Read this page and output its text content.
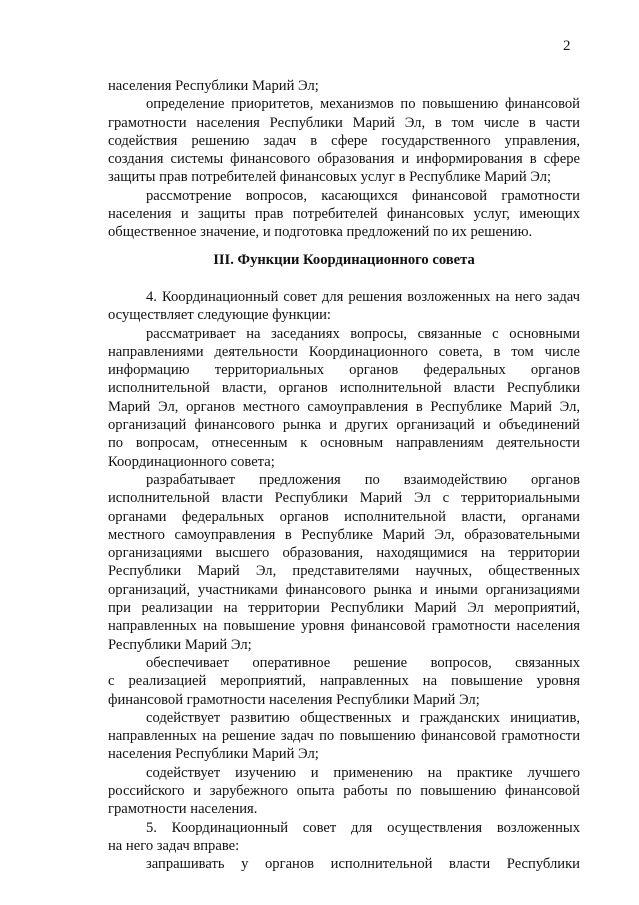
2
населения Республики Марий Эл;
определение приоритетов, механизмов по повышению финансовой
грамотности населения Республики Марий Эл, в том числе в части
содействия решению задач в сфере государственного управления,
создания системы финансового образования и информирования в сфере
защиты прав потребителей финансовых услуг в Республике Марий Эл;
рассмотрение вопросов, касающихся финансовой грамотности
населения и защиты прав потребителей финансовых услуг, имеющих
общественное значение, и подготовка предложений по их решению.
III. Функции Координационного совета
4. Координационный совет для решения возложенных на него задач
осуществляет следующие функции:
рассматривает на заседаниях вопросы, связанные с основными
направлениями деятельности Координационного совета, в том числе
информацию территориальных органов федеральных органов
исполнительной власти, органов исполнительной власти Республики
Марий Эл, органов местного самоуправления в Республике Марий Эл,
организаций финансового рынка и других организаций и объединений
по вопросам, отнесенным к основным направлениям деятельности
Координационного совета;
разрабатывает предложения по взаимодействию органов
исполнительной власти Республики Марий Эл с территориальными
органами федеральных органов исполнительной власти, органами
местного самоуправления в Республике Марий Эл, образовательными
организациями высшего образования, находящимися на территории
Республики Марий Эл, представителями научных, общественных
организаций, участниками финансового рынка и иными организациями
при реализации на территории Республики Марий Эл мероприятий,
направленных на повышение уровня финансовой грамотности населения
Республики Марий Эл;
обеспечивает оперативное решение вопросов, связанных
с реализацией мероприятий, направленных на повышение уровня
финансовой грамотности населения Республики Марий Эл;
содействует развитию общественных и гражданских инициатив,
направленных на решение задач по повышению финансовой грамотности
населения Республики Марий Эл;
содействует изучению и применению на практике лучшего
российского и зарубежного опыта работы по повышению финансовой
грамотности населения.
5. Координационный совет для осуществления возложенных
на него задач вправе:
запрашивать у органов исполнительной власти Республики
